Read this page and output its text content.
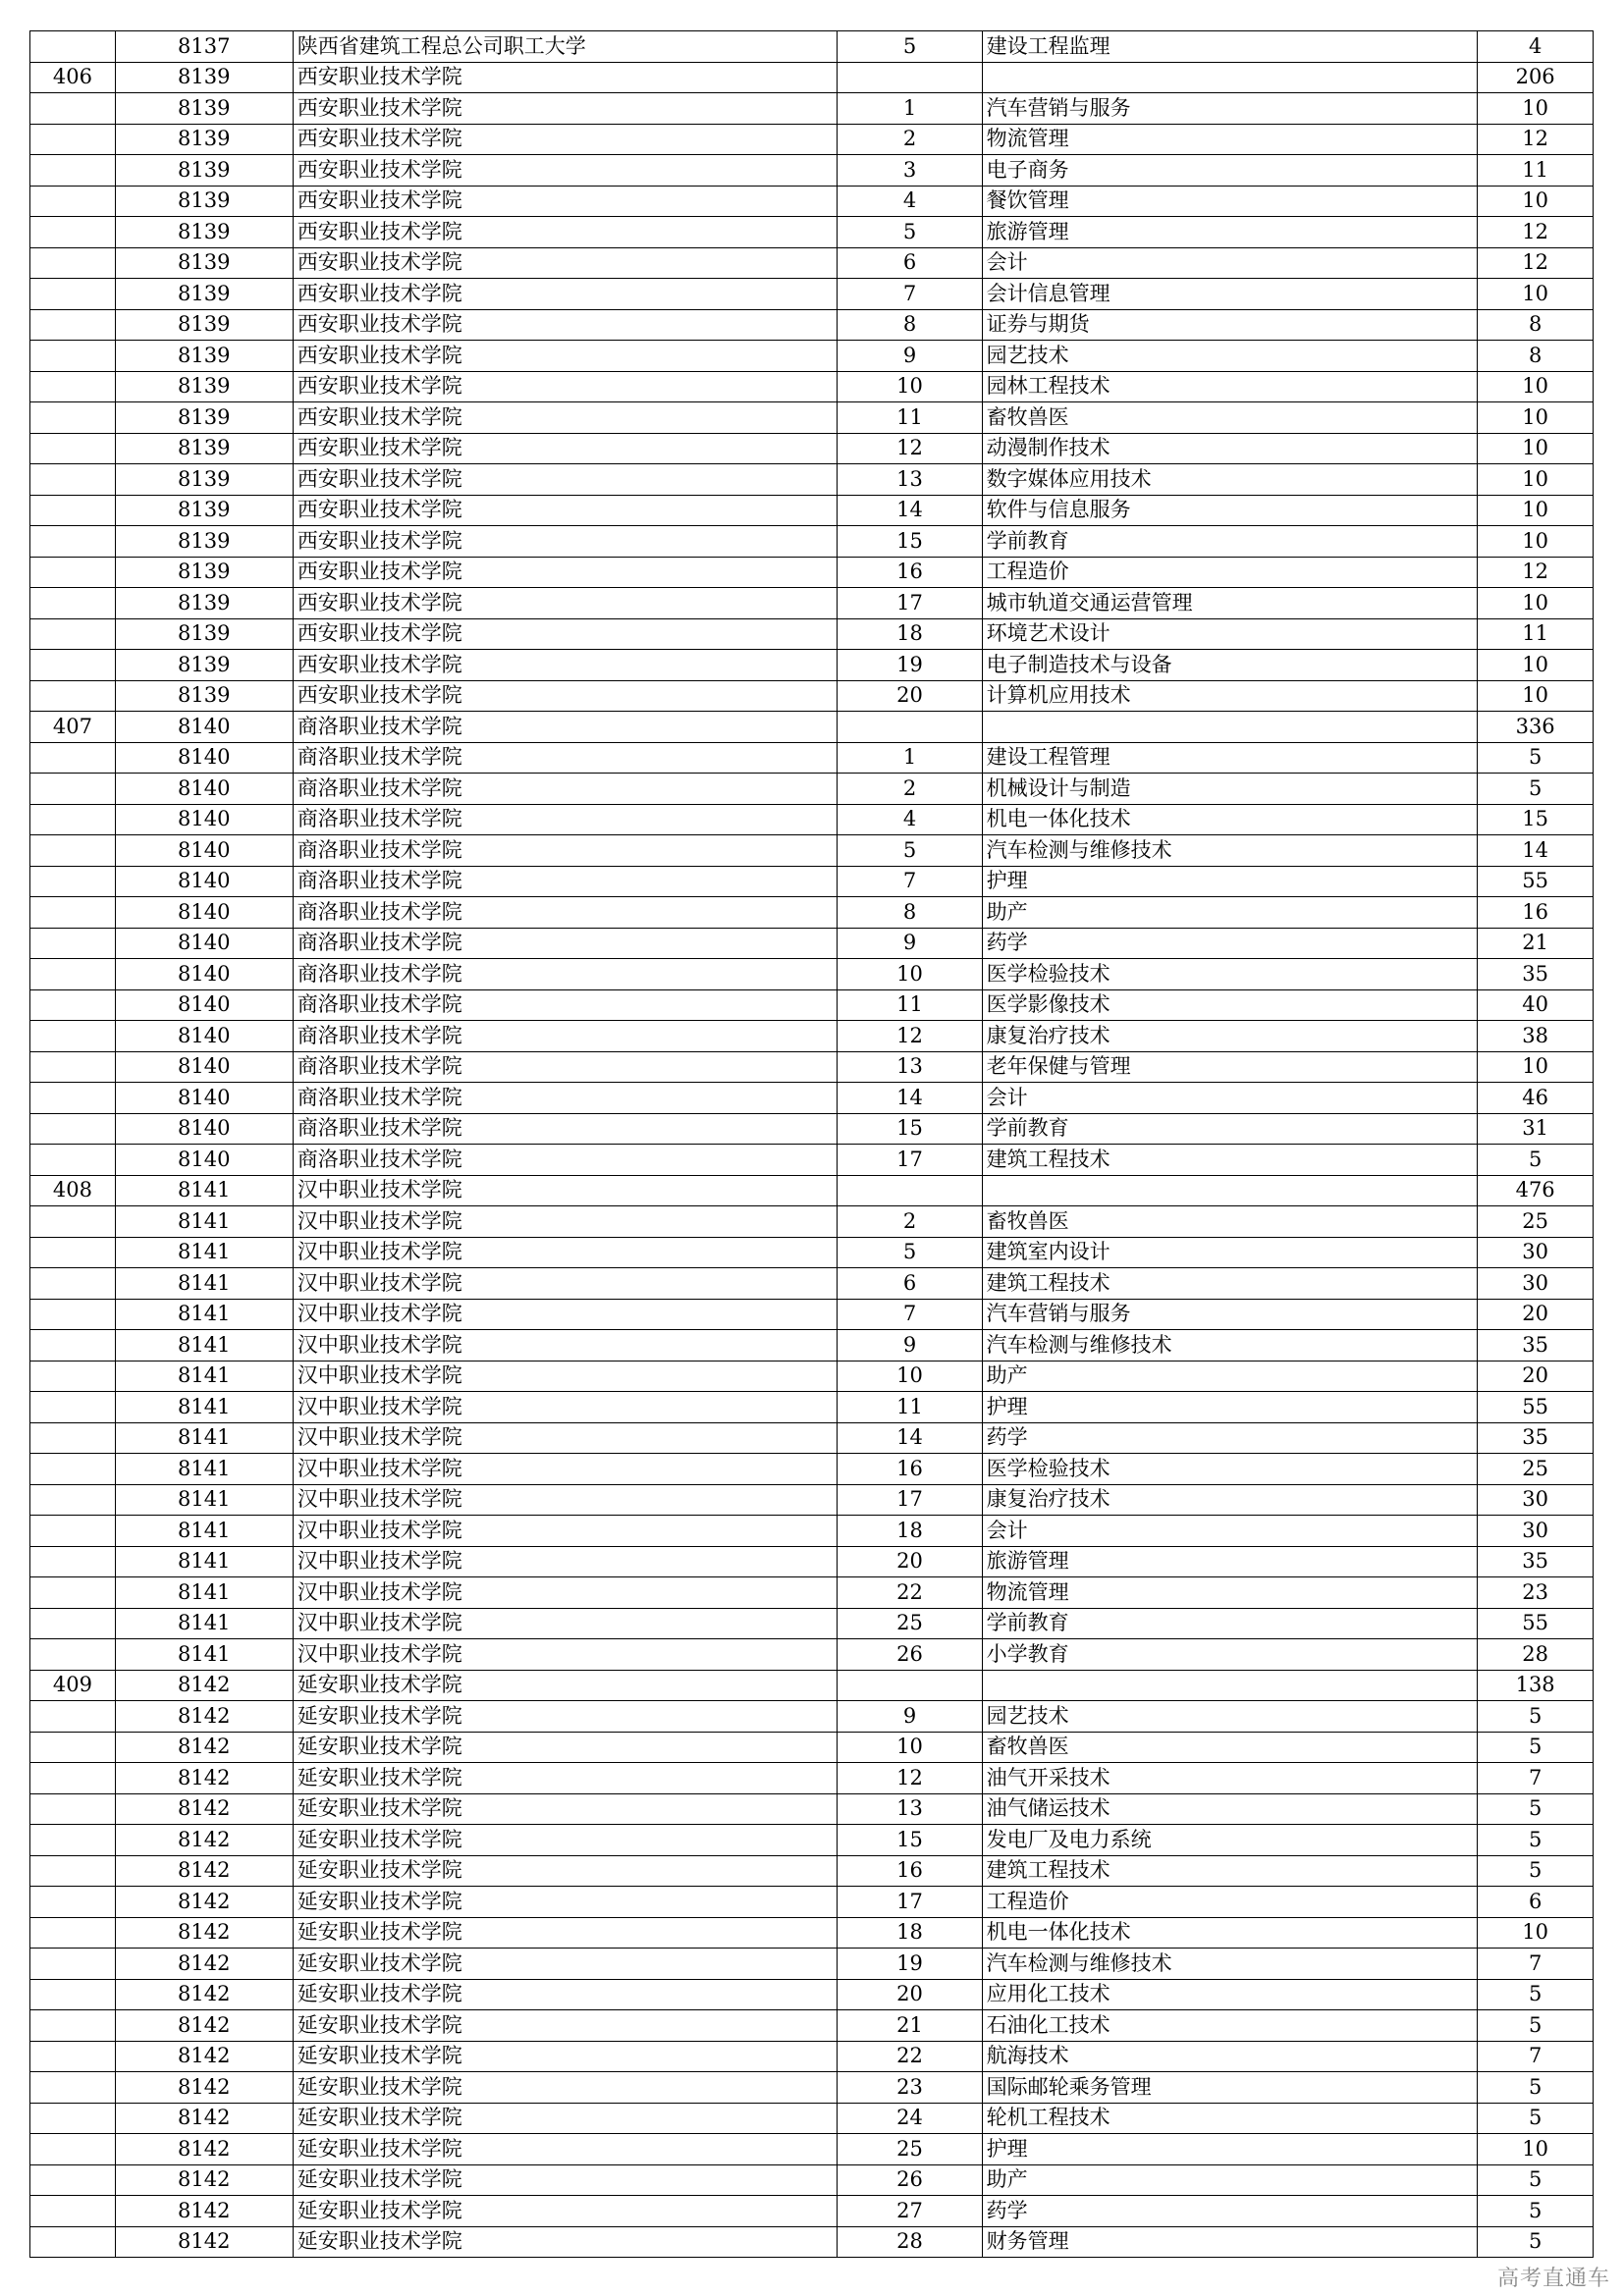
	8137	陕西省建筑工程总公司职工大学	5	建设工程监理	4
406	8139	西安职业技术学院			206
	8139	西安职业技术学院	1	汽车营销与服务	10
	8139	西安职业技术学院	2	物流管理	12
	8139	西安职业技术学院	3	电子商务	11
	8139	西安职业技术学院	4	餐饮管理	10
	8139	西安职业技术学院	5	旅游管理	12
	8139	西安职业技术学院	6	会计	12
	8139	西安职业技术学院	7	会计信息管理	10
	8139	西安职业技术学院	8	证券与期货	8
	8139	西安职业技术学院	9	园艺技术	8
	8139	西安职业技术学院	10	园林工程技术	10
	8139	西安职业技术学院	11	畜牧兽医	10
	8139	西安职业技术学院	12	动漫制作技术	10
	8139	西安职业技术学院	13	数字媒体应用技术	10
	8139	西安职业技术学院	14	软件与信息服务	10
	8139	西安职业技术学院	15	学前教育	10
	8139	西安职业技术学院	16	工程造价	12
	8139	西安职业技术学院	17	城市轨道交通运营管理	10
	8139	西安职业技术学院	18	环境艺术设计	11
	8139	西安职业技术学院	19	电子制造技术与设备	10
	8139	西安职业技术学院	20	计算机应用技术	10
407	8140	商洛职业技术学院			336
	8140	商洛职业技术学院	1	建设工程管理	5
	8140	商洛职业技术学院	2	机械设计与制造	5
	8140	商洛职业技术学院	4	机电一体化技术	15
	8140	商洛职业技术学院	5	汽车检测与维修技术	14
	8140	商洛职业技术学院	7	护理	55
	8140	商洛职业技术学院	8	助产	16
	8140	商洛职业技术学院	9	药学	21
	8140	商洛职业技术学院	10	医学检验技术	35
	8140	商洛职业技术学院	11	医学影像技术	40
	8140	商洛职业技术学院	12	康复治疗技术	38
	8140	商洛职业技术学院	13	老年保健与管理	10
	8140	商洛职业技术学院	14	会计	46
	8140	商洛职业技术学院	15	学前教育	31
	8140	商洛职业技术学院	17	建筑工程技术	5
408	8141	汉中职业技术学院			476
	8141	汉中职业技术学院	2	畜牧兽医	25
	8141	汉中职业技术学院	5	建筑室内设计	30
	8141	汉中职业技术学院	6	建筑工程技术	30
	8141	汉中职业技术学院	7	汽车营销与服务	20
	8141	汉中职业技术学院	9	汽车检测与维修技术	35
	8141	汉中职业技术学院	10	助产	20
	8141	汉中职业技术学院	11	护理	55
	8141	汉中职业技术学院	14	药学	35
	8141	汉中职业技术学院	16	医学检验技术	25
	8141	汉中职业技术学院	17	康复治疗技术	30
	8141	汉中职业技术学院	18	会计	30
	8141	汉中职业技术学院	20	旅游管理	35
	8141	汉中职业技术学院	22	物流管理	23
	8141	汉中职业技术学院	25	学前教育	55
	8141	汉中职业技术学院	26	小学教育	28
409	8142	延安职业技术学院			138
	8142	延安职业技术学院	9	园艺技术	5
	8142	延安职业技术学院	10	畜牧兽医	5
	8142	延安职业技术学院	12	油气开采技术	7
	8142	延安职业技术学院	13	油气储运技术	5
	8142	延安职业技术学院	15	发电厂及电力系统	5
	8142	延安职业技术学院	16	建筑工程技术	5
	8142	延安职业技术学院	17	工程造价	6
	8142	延安职业技术学院	18	机电一体化技术	10
	8142	延安职业技术学院	19	汽车检测与维修技术	7
	8142	延安职业技术学院	20	应用化工技术	5
	8142	延安职业技术学院	21	石油化工技术	5
	8142	延安职业技术学院	22	航海技术	7
	8142	延安职业技术学院	23	国际邮轮乘务管理	5
	8142	延安职业技术学院	24	轮机工程技术	5
	8142	延安职业技术学院	25	护理	10
	8142	延安职业技术学院	26	助产	5
	8142	延安职业技术学院	27	药学	5
	8142	延安职业技术学院	28	财务管理	5
高考直通车
